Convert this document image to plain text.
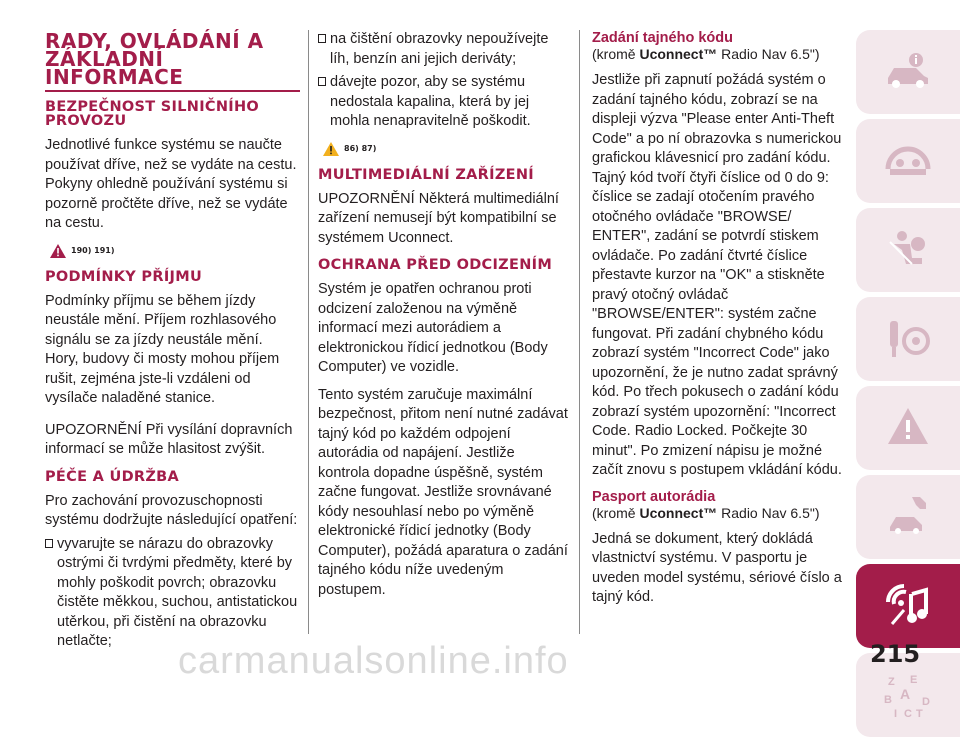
RADY, OVLÁDÁNÍ A ZÁKLADNÍ INFORMACE
BEZPEČNOST SILNIČNÍHO PROVOZU

Jednotlivé funkce systému se naučte používat dříve, než se vydáte na cestu. Pokyny ohledně používání systému si pozorně pročtěte dříve, než se vydáte na cestu.

190) 191)
PODMÍNKY PŘÍJMU

Podmínky příjmu se během jízdy neustále mění. Příjem rozhlasového signálu se za jízdy neustále mění. Hory, budovy či mosty mohou příjem rušit, zejména jste-li vzdáleni od vysílače naladěné stanice.

UPOZORNĚNÍ Při vysílání dopravních informací se může hlasitost zvýšit.

PÉČE A ÚDRŽBA

Pro zachování provozuschopnosti systému dodržujte následující opatření:

vyvarujte se nárazu do obrazovky ostrými či tvrdými předměty, které by mohly poškodit povrch; obrazovku čistěte měkkou, suchou, antistatickou utěrkou, při čistění na obrazovku netlačte;

na čištění obrazovky nepoužívejte líh, benzín ani jejich deriváty;

dávejte pozor, aby se systému nedostala kapalina, která by jej mohla nenapravitelně poškodit.

86) 87)
MULTIMEDIÁLNÍ ZAŘÍZENÍ

UPOZORNĚNÍ Některá multimediální zařízení nemusejí být kompatibilní se systémem Uconnect.

OCHRANA PŘED ODCIZENÍM

Systém je opatřen ochranou proti odcizení založenou na výměně informací mezi autorádiem a elektronickou řídicí jednotkou (Body Computer) ve vozidle.

Tento systém zaručuje maximální bezpečnost, přitom není nutné zadávat tajný kód po každém odpojení autorádia od napájení. Jestliže kontrola dopadne úspěšně, systém začne fungovat. Jestliže srovnávané kódy nesouhlasí nebo po výměně elektronické řídicí jednotky (Body Computer), požádá aparatura o zadání tajného kódu níže uvedeným postupem.

Zadání tajného kódu
(kromě Uconnect™ Radio Nav 6.5")

Jestliže při zapnutí požádá systém o zadání tajného kódu, zobrazí se na displeji výzva "Please enter Anti-Theft Code" a po ní obrazovka s numerickou grafickou klávesnicí pro zadání kódu. Tajný kód tvoří čtyři číslice od 0 do 9: číslice se zadají otočením pravého otočného ovládače "BROWSE/ ENTER", zadání se potvrdí stiskem ovládače. Po zadání čtvrté číslice přestavte kurzor na "OK" a stiskněte pravý otočný ovládač "BROWSE/ENTER": systém začne fungovat. Při zadání chybného kódu zobrazí systém "Incorrect Code" jako upozornění, že je nutno zadat správný kód. Po třech pokusech o zadání kódu zobrazí systém upozornění: "Incorrect Code. Radio Locked. Počkejte 30 minut". Po zmizení nápisu je možné začít znovu s postupem vkládání kódu.

Pasport autorádia
(kromě Uconnect™ Radio Nav 6.5")

Jedná se dokument, který dokládá vlastnictví systému. V pasportu je uveden model systému, sériové číslo a tajný kód.

Z E
B A D
I C T
carmanualsonline.info	215
